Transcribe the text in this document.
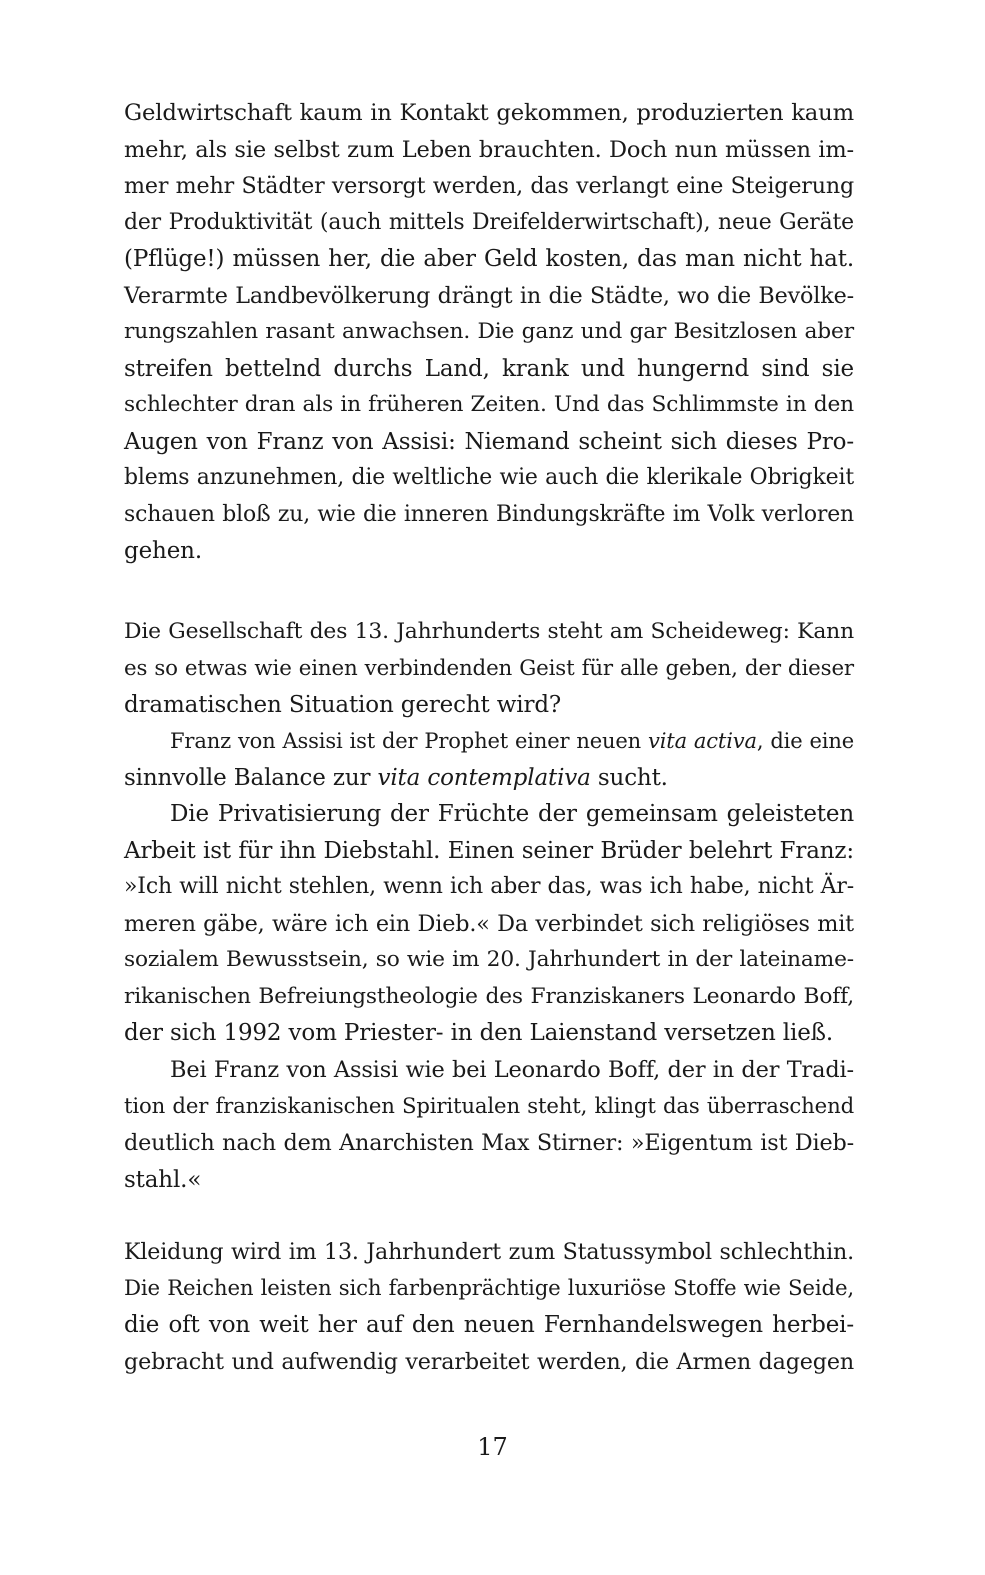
Geldwirtschaft kaum in Kontakt gekommen, produzierten kaum
mehr, als sie selbst zum Leben brauchten. Doch nun müssen im-
mer mehr Städter versorgt werden, das verlangt eine Steigerung
der Produktivität (auch mittels Dreifelderwirtschaft), neue Geräte
(Pflüge!) müssen her, die aber Geld kosten, das man nicht hat.
Verarmte Landbevölkerung drängt in die Städte, wo die Bevölke-
rungszahlen rasant anwachsen. Die ganz und gar Besitzlosen aber
streifen bettelnd durchs Land, krank und hungernd sind sie
schlechter dran als in früheren Zeiten. Und das Schlimmste in den
Augen von Franz von Assisi: Niemand scheint sich dieses Pro-
blems anzunehmen, die weltliche wie auch die klerikale Obrigkeit
schauen bloß zu, wie die inneren Bindungskräfte im Volk verloren
gehen.
Die Gesellschaft des 13. Jahrhunderts steht am Scheideweg: Kann
es so etwas wie einen verbindenden Geist für alle geben, der dieser
dramatischen Situation gerecht wird?
Franz von Assisi ist der Prophet einer neuen vita activa, die eine
sinnvolle Balance zur vita contemplativa sucht.
Die Privatisierung der Früchte der gemeinsam geleisteten
Arbeit ist für ihn Diebstahl. Einen seiner Brüder belehrt Franz:
»Ich will nicht stehlen, wenn ich aber das, was ich habe, nicht Är-
meren gäbe, wäre ich ein Dieb.« Da verbindet sich religiöses mit
sozialem Bewusstsein, so wie im 20. Jahrhundert in der lateiname-
rikanischen Befreiungstheologie des Franziskaners Leonardo Boff,
der sich 1992 vom Priester- in den Laienstand versetzen ließ.
Bei Franz von Assisi wie bei Leonardo Boff, der in der Tradi-
tion der franziskanischen Spiritualen steht, klingt das überraschend
deutlich nach dem Anarchisten Max Stirner: »Eigentum ist Dieb-
stahl.«
Kleidung wird im 13. Jahrhundert zum Statussymbol schlechthin.
Die Reichen leisten sich farbenprächtige luxuriöse Stoffe wie Seide,
die oft von weit her auf den neuen Fernhandelswegen herbei-
gebracht und aufwendig verarbeitet werden, die Armen dagegen
17
